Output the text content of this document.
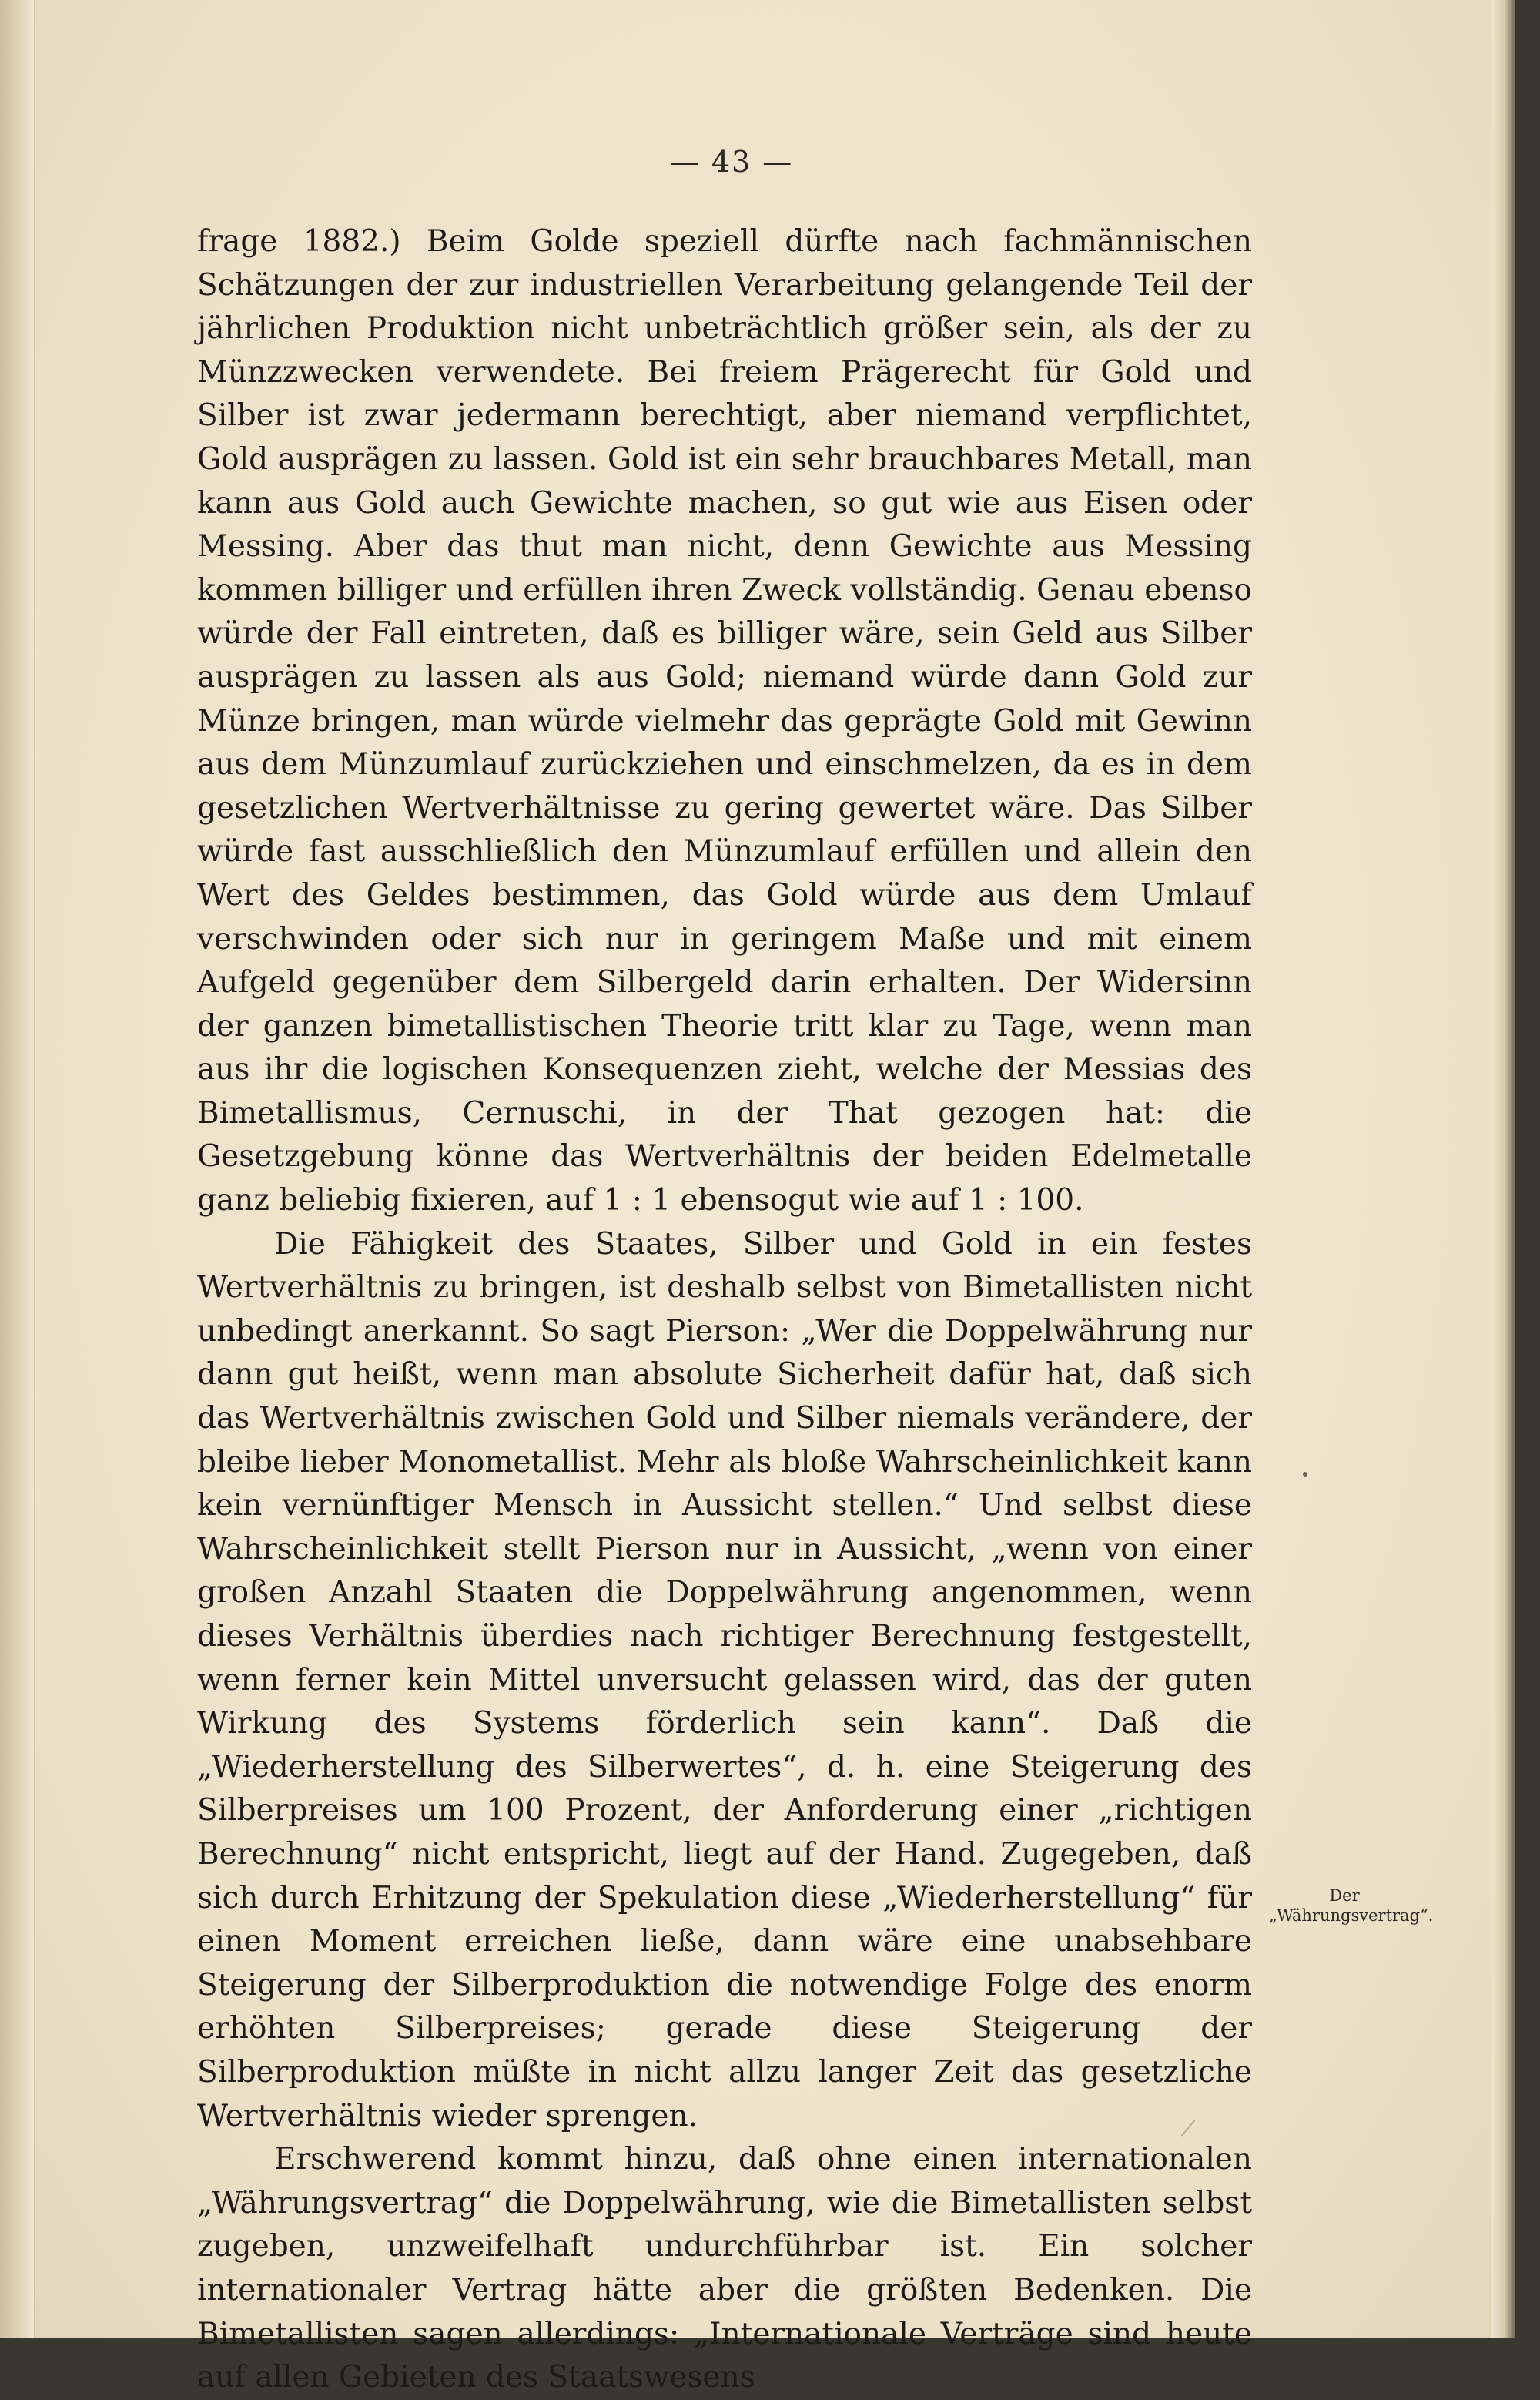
— 43 —

frage 1882.) Beim Golde speziell dürfte nach fachmännischen Schätzungen der zur industriellen Verarbeitung gelangende Teil der jährlichen Produktion nicht unbeträchtlich größer sein, als der zu Münzzwecken verwendete. Bei freiem Prägerecht für Gold und Silber ist zwar jedermann berechtigt, aber niemand verpflichtet, Gold ausprägen zu lassen. Gold ist ein sehr brauchbares Metall, man kann aus Gold auch Gewichte machen, so gut wie aus Eisen oder Messing. Aber das thut man nicht, denn Gewichte aus Messing kommen billiger und erfüllen ihren Zweck vollständig. Genau ebenso würde der Fall eintreten, daß es billiger wäre, sein Geld aus Silber ausprägen zu lassen als aus Gold; niemand würde dann Gold zur Münze bringen, man würde vielmehr das geprägte Gold mit Gewinn aus dem Münzumlauf zurückziehen und einschmelzen, da es in dem gesetzlichen Wertverhältnisse zu gering gewertet wäre. Das Silber würde fast ausschließlich den Münzumlauf erfüllen und allein den Wert des Geldes bestimmen, das Gold würde aus dem Umlauf verschwinden oder sich nur in geringem Maße und mit einem Aufgeld gegenüber dem Silbergeld darin erhalten. Der Widersinn der ganzen bimetallistischen Theorie tritt klar zu Tage, wenn man aus ihr die logischen Konsequenzen zieht, welche der Messias des Bimetallismus, Cernuschi, in der That gezogen hat: die Gesetzgebung könne das Wertverhältnis der beiden Edelmetalle ganz beliebig fixieren, auf 1 : 1 ebensogut wie auf 1 : 100.

Die Fähigkeit des Staates, Silber und Gold in ein festes Wertverhältnis zu bringen, ist deshalb selbst von Bimetallisten nicht unbedingt anerkannt. So sagt Pierson: „Wer die Doppelwährung nur dann gut heißt, wenn man absolute Sicherheit dafür hat, daß sich das Wertverhältnis zwischen Gold und Silber niemals verändere, der bleibe lieber Monometallist. Mehr als bloße Wahrscheinlichkeit kann kein vernünftiger Mensch in Aussicht stellen.“ Und selbst diese Wahrscheinlichkeit stellt Pierson nur in Aussicht, „wenn von einer großen Anzahl Staaten die Doppelwährung angenommen, wenn dieses Verhältnis überdies nach richtiger Berechnung festgestellt, wenn ferner kein Mittel unversucht gelassen wird, das der guten Wirkung des Systems förderlich sein kann“. Daß die „Wiederherstellung des Silberwertes“, d. h. eine Steigerung des Silberpreises um 100 Prozent, der Anforderung einer „richtigen Berechnung“ nicht entspricht, liegt auf der Hand. Zugegeben, daß sich durch Erhitzung der Spekulation diese „Wiederherstellung“ für einen Moment erreichen ließe, dann wäre eine unabsehbare Steigerung der Silberproduktion die notwendige Folge des enorm erhöhten Silberpreises; gerade diese Steigerung der Silberproduktion müßte in nicht allzu langer Zeit das gesetzliche Wertverhältnis wieder sprengen.

Erschwerend kommt hinzu, daß ohne einen internationalen „Währungsvertrag“ die Doppelwährung, wie die Bimetallisten selbst zugeben, unzweifelhaft undurchführbar ist. Ein solcher internationaler Vertrag hätte aber die größten Bedenken. Die Bimetallisten sagen allerdings: „Internationale Verträge sind heute auf allen Gebieten des Staatswesens

Der „Währungsvertrag“.
